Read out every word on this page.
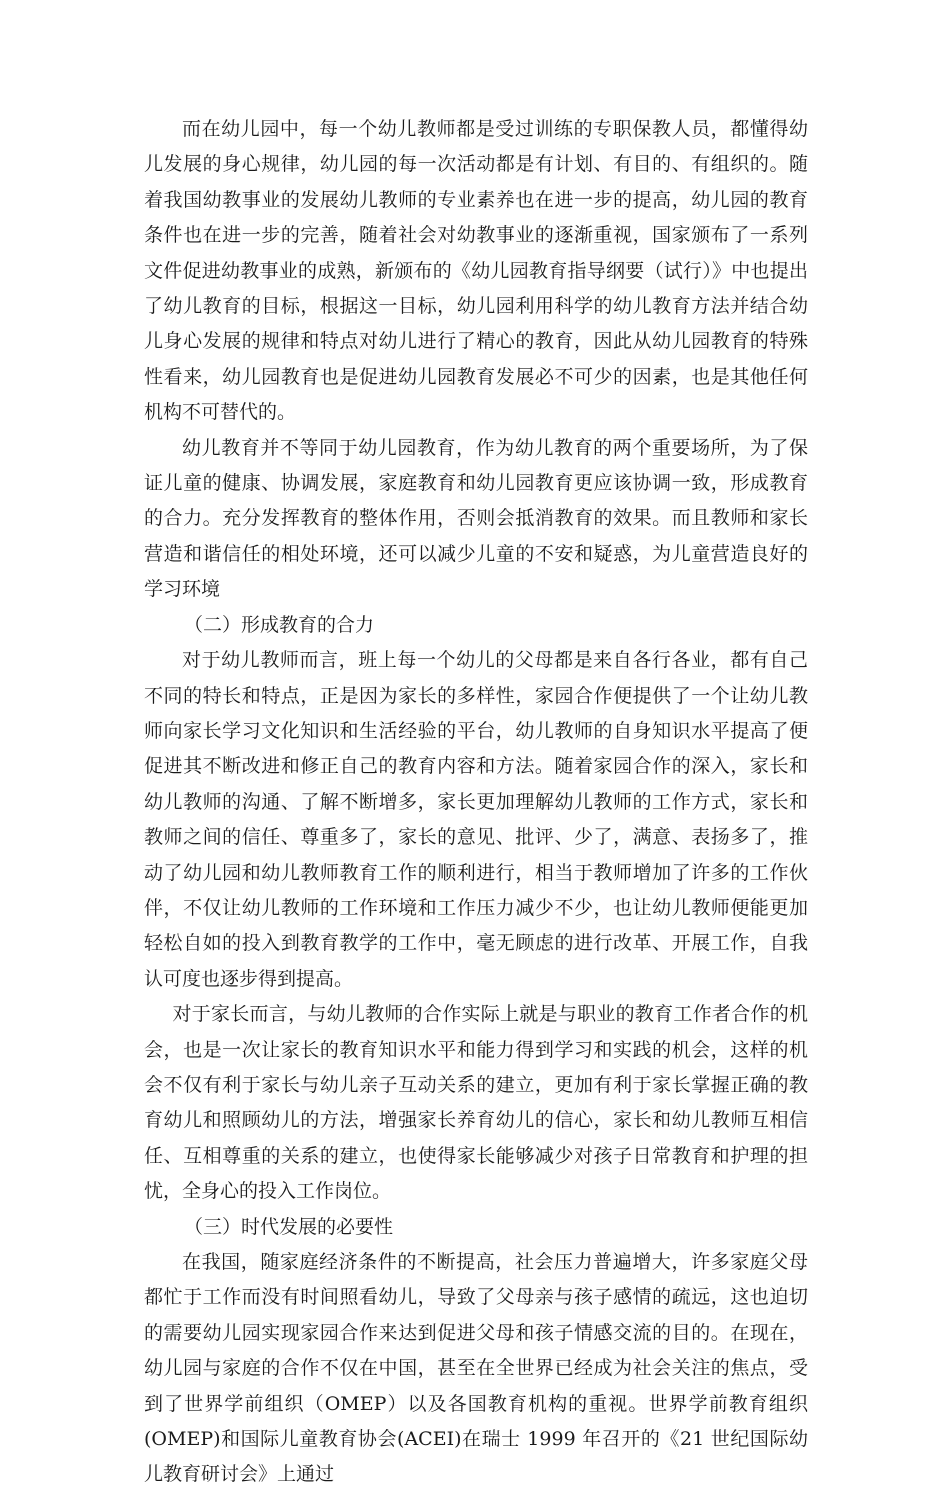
而在幼儿园中，每一个幼儿教师都是受过训练的专职保教人员，都懂得幼儿发展的身心规律，幼儿园的每一次活动都是有计划、有目的、有组织的。随着我国幼教事业的发展幼儿教师的专业素养也在进一步的提高，幼儿园的教育条件也在进一步的完善，随着社会对幼教事业的逐渐重视，国家颁布了一系列文件促进幼教事业的成熟，新颁布的《幼儿园教育指导纲要（试行）》中也提出了幼儿教育的目标，根据这一目标，幼儿园利用科学的幼儿教育方法并结合幼儿身心发展的规律和特点对幼儿进行了精心的教育，因此从幼儿园教育的特殊性看来，幼儿园教育也是促进幼儿园教育发展必不可少的因素，也是其他任何机构不可替代的。

幼儿教育并不等同于幼儿园教育，作为幼儿教育的两个重要场所，为了保证儿童的健康、协调发展，家庭教育和幼儿园教育更应该协调一致，形成教育的合力。充分发挥教育的整体作用，否则会抵消教育的效果。而且教师和家长营造和谐信任的相处环境，还可以减少儿童的不安和疑惑，为儿童营造良好的学习环境

（二）形成教育的合力

对于幼儿教师而言，班上每一个幼儿的父母都是来自各行各业，都有自己不同的特长和特点，正是因为家长的多样性，家园合作便提供了一个让幼儿教师向家长学习文化知识和生活经验的平台，幼儿教师的自身知识水平提高了便促进其不断改进和修正自己的教育内容和方法。随着家园合作的深入，家长和幼儿教师的沟通、了解不断增多，家长更加理解幼儿教师的工作方式，家长和教师之间的信任、尊重多了，家长的意见、批评、少了，满意、表扬多了，推动了幼儿园和幼儿教师教育工作的顺利进行，相当于教师增加了许多的工作伙伴，不仅让幼儿教师的工作环境和工作压力减少不少，也让幼儿教师便能更加轻松自如的投入到教育教学的工作中，毫无顾虑的进行改革、开展工作，自我认可度也逐步得到提高。

对于家长而言，与幼儿教师的合作实际上就是与职业的教育工作者合作的机会，也是一次让家长的教育知识水平和能力得到学习和实践的机会，这样的机会不仅有利于家长与幼儿亲子互动关系的建立，更加有利于家长掌握正确的教育幼儿和照顾幼儿的方法，增强家长养育幼儿的信心，家长和幼儿教师互相信任、互相尊重的关系的建立，也使得家长能够减少对孩子日常教育和护理的担忧，全身心的投入工作岗位。

（三）时代发展的必要性

在我国，随家庭经济条件的不断提高，社会压力普遍增大，许多家庭父母都忙于工作而没有时间照看幼儿，导致了父母亲与孩子感情的疏远，这也迫切的需要幼儿园实现家园合作来达到促进父母和孩子情感交流的目的。在现在，幼儿园与家庭的合作不仅在中国，甚至在全世界已经成为社会关注的焦点，受到了世界学前组织（OMEP）以及各国教育机构的重视。世界学前教育组织(OMEP)和国际儿童教育协会(ACEI)在瑞士 1999 年召开的《21 世纪国际幼儿教育研讨会》上通过
